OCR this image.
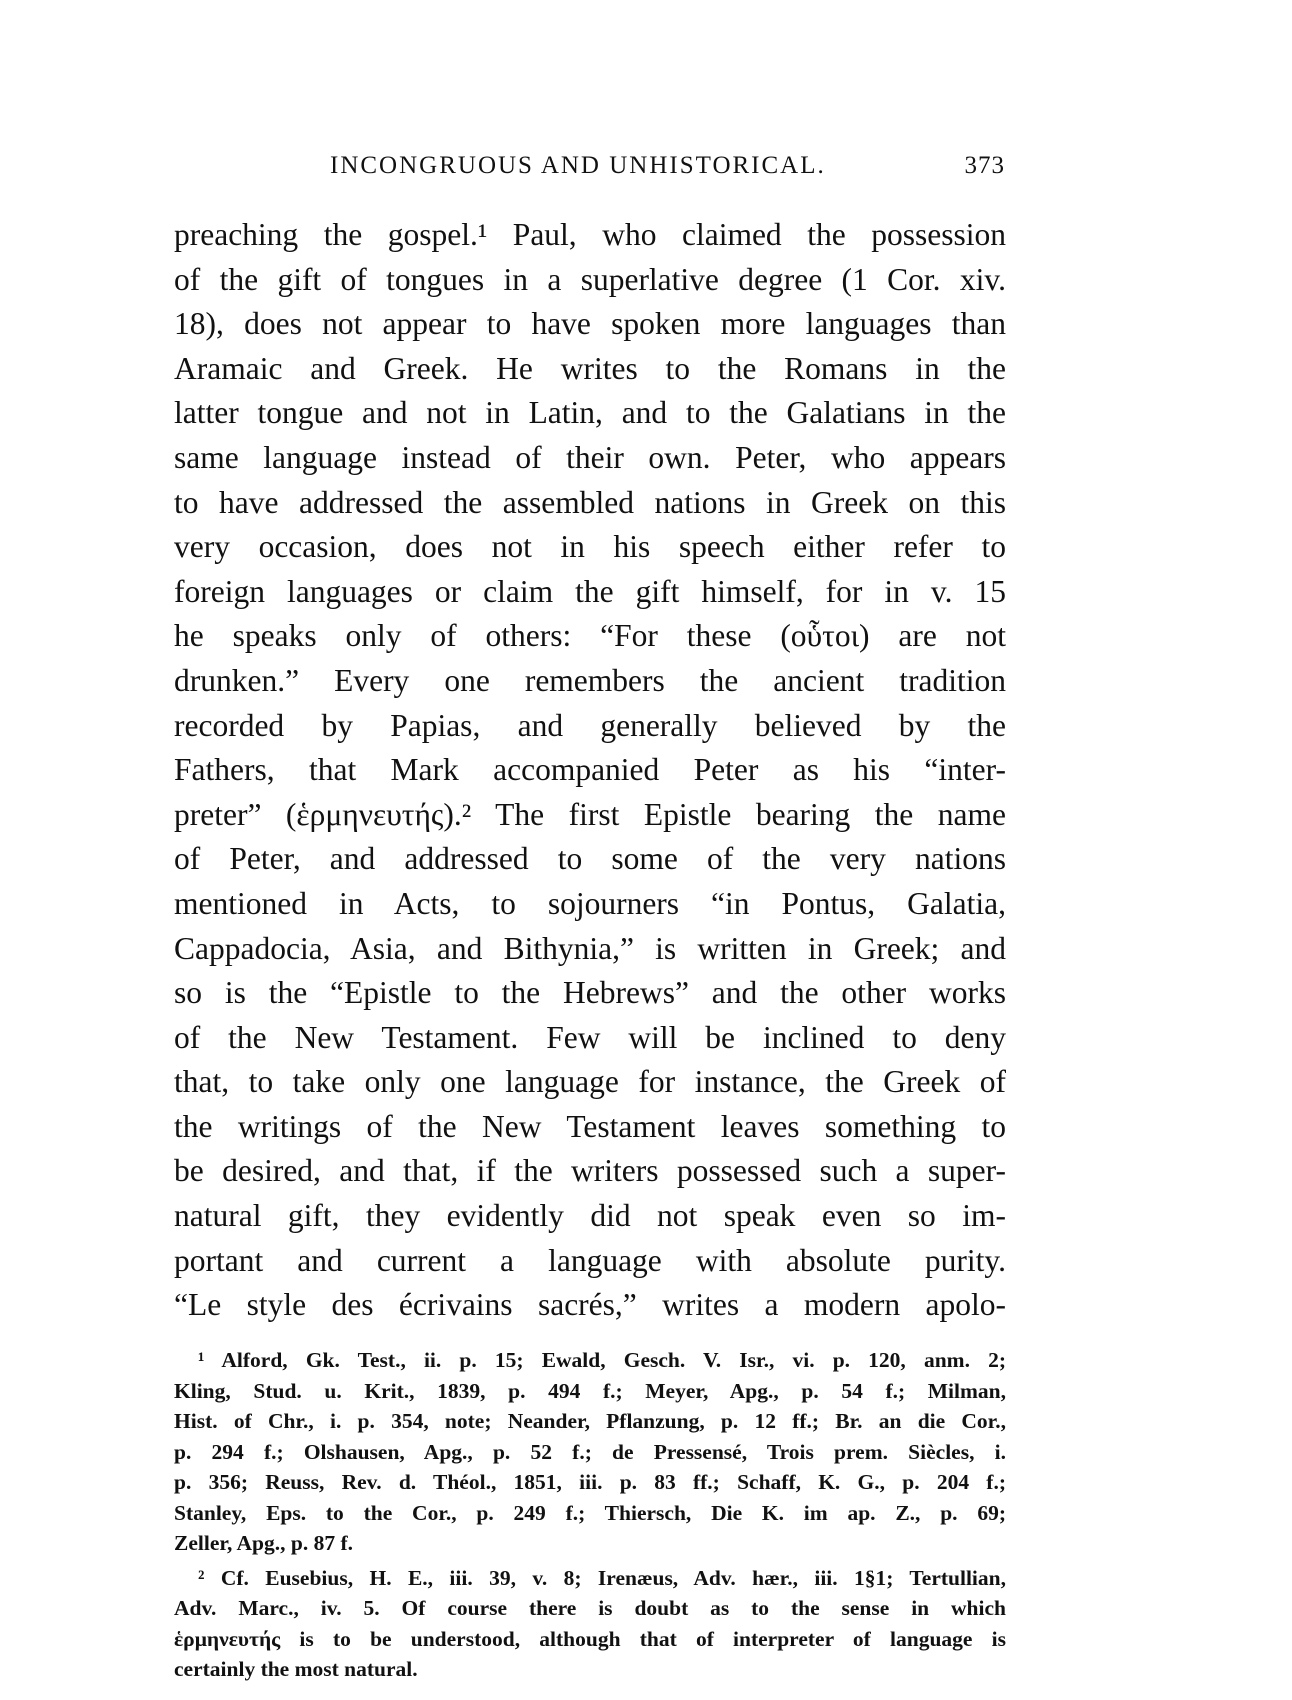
INCONGRUOUS AND UNHISTORICAL.	373
preaching the gospel.¹ Paul, who claimed the possession
of the gift of tongues in a superlative degree (1 Cor. xiv.
18), does not appear to have spoken more languages than
Aramaic and Greek. He writes to the Romans in the
latter tongue and not in Latin, and to the Galatians in the
same language instead of their own. Peter, who appears
to have addressed the assembled nations in Greek on this
very occasion, does not in his speech either refer to
foreign languages or claim the gift himself, for in v. 15
he speaks only of others: “For these (οὗτοι) are not
drunken.” Every one remembers the ancient tradition
recorded by Papias, and generally believed by the
Fathers, that Mark accompanied Peter as his “inter-
preter” (ἑρμηνευτής).² The first Epistle bearing the name
of Peter, and addressed to some of the very nations
mentioned in Acts, to sojourners “in Pontus, Galatia,
Cappadocia, Asia, and Bithynia,” is written in Greek; and
so is the “Epistle to the Hebrews” and the other works
of the New Testament. Few will be inclined to deny
that, to take only one language for instance, the Greek of
the writings of the New Testament leaves something to
be desired, and that, if the writers possessed such a super-
natural gift, they evidently did not speak even so im-
portant and current a language with absolute purity.
“Le style des écrivains sacrés,” writes a modern apolo-
¹ Alford, Gk. Test., ii. p. 15; Ewald, Gesch. V. Isr., vi. p. 120, anm. 2;
Kling, Stud. u. Krit., 1839, p. 494 f.; Meyer, Apg., p. 54 f.; Milman,
Hist. of Chr., i. p. 354, note; Neander, Pflanzung, p. 12 ff.; Br. an die Cor.,
p. 294 f.; Olshausen, Apg., p. 52 f.; de Pressensé, Trois prem. Siècles, i.
p. 356; Reuss, Rev. d. Théol., 1851, iii. p. 83 ff.; Schaff, K. G., p. 204 f.;
Stanley, Eps. to the Cor., p. 249 f.; Thiersch, Die K. im ap. Z., p. 69;
Zeller, Apg., p. 87 f.
² Cf. Eusebius, H. E., iii. 39, v. 8; Irenæus, Adv. hær., iii. 1§1; Tertullian,
Adv. Marc., iv. 5. Of course there is doubt as to the sense in which
ἑρμηνευτής is to be understood, although that of interpreter of language is
certainly the most natural.
